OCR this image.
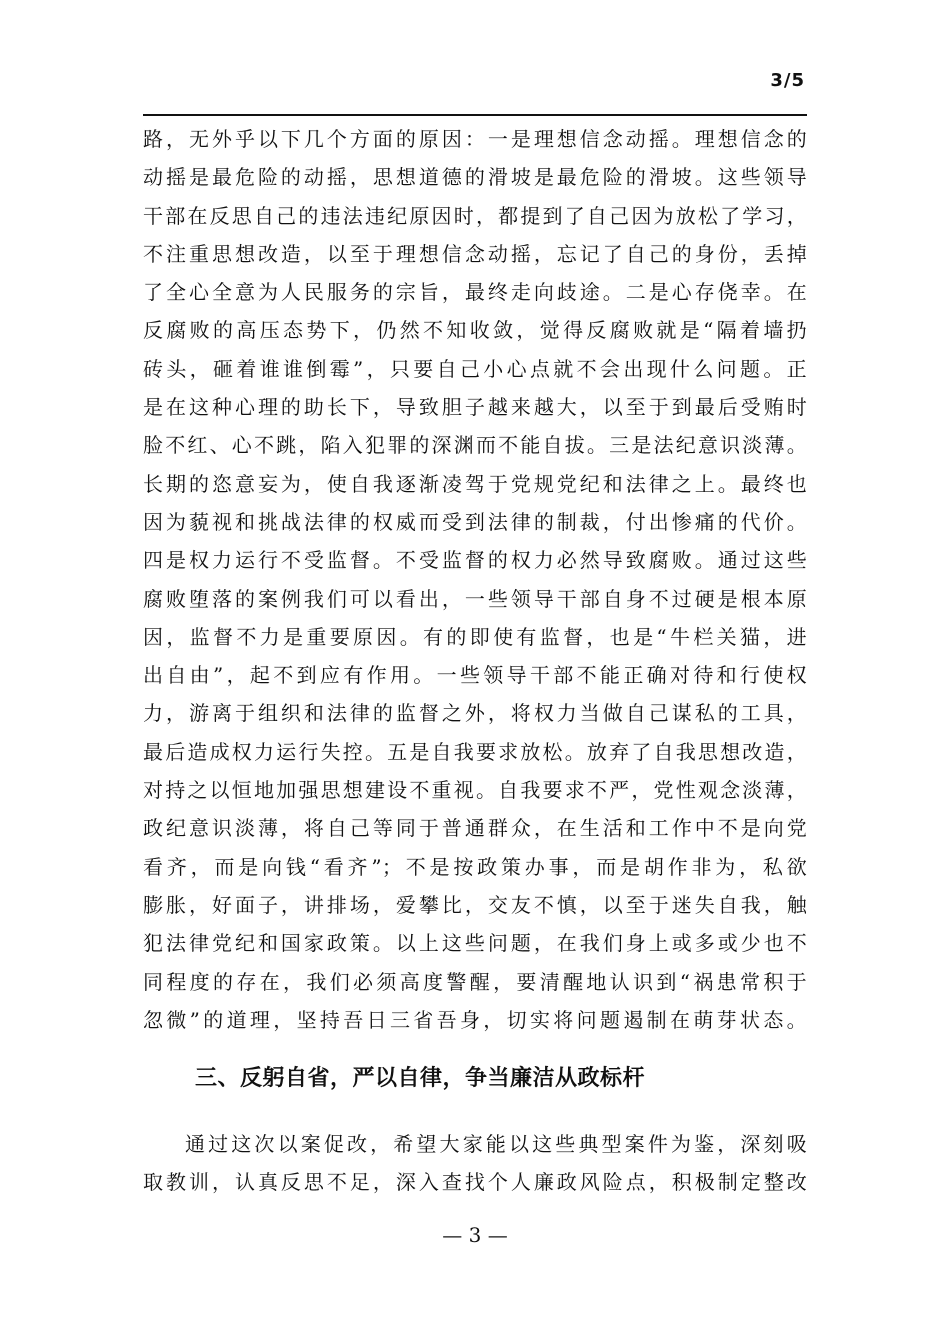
3/5
路，无外乎以下几个方面的原因：一是理想信念动摇。理想信念的
动摇是最危险的动摇，思想道德的滑坡是最危险的滑坡。这些领导
干部在反思自己的违法违纪原因时，都提到了自己因为放松了学习，
不注重思想改造，以至于理想信念动摇，忘记了自己的身份，丢掉
了全心全意为人民服务的宗旨，最终走向歧途。二是心存侥幸。在
反腐败的高压态势下，仍然不知收敛，觉得反腐败就是“隔着墙扔
砖头，砸着谁谁倒霉”，只要自己小心点就不会出现什么问题。正
是在这种心理的助长下，导致胆子越来越大，以至于到最后受贿时
脸不红、心不跳，陷入犯罪的深渊而不能自拔。三是法纪意识淡薄。
长期的恣意妄为，使自我逐渐凌驾于党规党纪和法律之上。最终也
因为藐视和挑战法律的权威而受到法律的制裁，付出惨痛的代价。
四是权力运行不受监督。不受监督的权力必然导致腐败。通过这些
腐败堕落的案例我们可以看出，一些领导干部自身不过硬是根本原
因，监督不力是重要原因。有的即使有监督，也是“牛栏关猫，进
出自由”，起不到应有作用。一些领导干部不能正确对待和行使权
力，游离于组织和法律的监督之外，将权力当做自己谋私的工具，
最后造成权力运行失控。五是自我要求放松。放弃了自我思想改造，
对持之以恒地加强思想建设不重视。自我要求不严，党性观念淡薄，
政纪意识淡薄，将自己等同于普通群众，在生活和工作中不是向党
看齐，而是向钱“看齐”；不是按政策办事，而是胡作非为，私欲
膨胀，好面子，讲排场，爱攀比，交友不慎，以至于迷失自我，触
犯法律党纪和国家政策。以上这些问题，在我们身上或多或少也不
同程度的存在，我们必须高度警醒，要清醒地认识到“祸患常积于
忽微”的道理，坚持吾日三省吾身，切实将问题遏制在萌芽状态。
三、反躬自省，严以自律，争当廉洁从政标杆
通过这次以案促改，希望大家能以这些典型案件为鉴，深刻吸
取教训，认真反思不足，深入查找个人廉政风险点，积极制定整改
— 3 —
